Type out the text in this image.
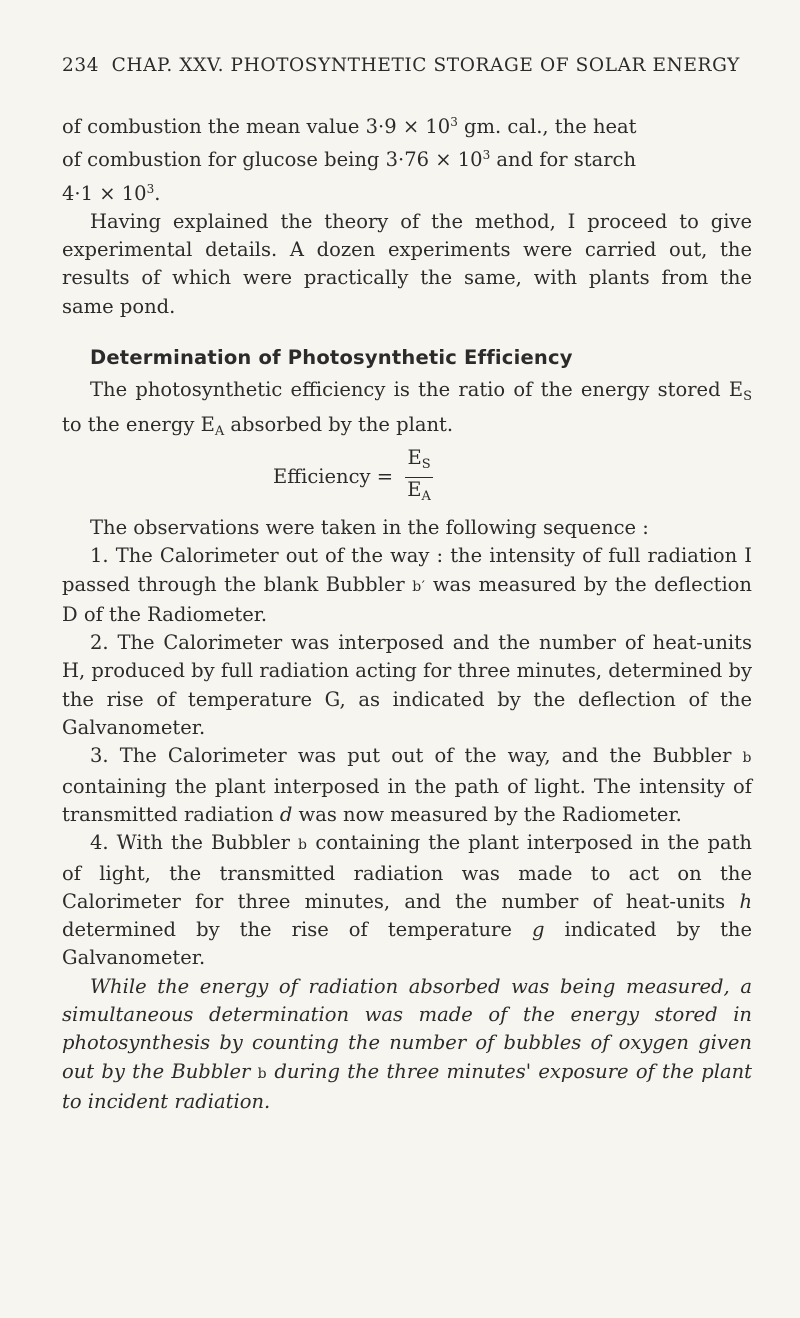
234 CHAP. XXV. PHOTOSYNTHETIC STORAGE OF SOLAR ENERGY

of combustion the mean value $3\cdot 9 \times 10^3$ gm. cal., the heat

of combustion for glucose being $3\cdot 76 \times 10^3$ and for starch

$4\cdot 1 \times 10^3$.

Having explained the theory of the method, I proceed to give experimental details. A dozen experiments were carried out, the results of which were practically the same, with plants from the same pond.

Determination of Photosynthetic Efficiency

The photosynthetic efficiency is the ratio of the energy stored $E_S$ to the energy $E_A$ absorbed by the plant.

Efficiency = $\frac{E_S}{E_A}$

The observations were taken in the following sequence :

1. The Calorimeter out of the way : the intensity of full radiation I passed through the blank Bubbler b′ was measured by the deflection D of the Radiometer.

2. The Calorimeter was interposed and the number of heat-units H, produced by full radiation acting for three minutes, determined by the rise of temperature G, as indicated by the deflection of the Galvanometer.

3. The Calorimeter was put out of the way, and the Bubbler b containing the plant interposed in the path of light. The intensity of transmitted radiation d was now measured by the Radiometer.

4. With the Bubbler b containing the plant interposed in the path of light, the transmitted radiation was made to act on the Calorimeter for three minutes, and the number of heat-units h determined by the rise of temperature g indicated by the Galvanometer.

While the energy of radiation absorbed was being measured, a simultaneous determination was made of the energy stored in photosynthesis by counting the number of bubbles of oxygen given out by the Bubbler b during the three minutes' exposure of the plant to incident radiation.
